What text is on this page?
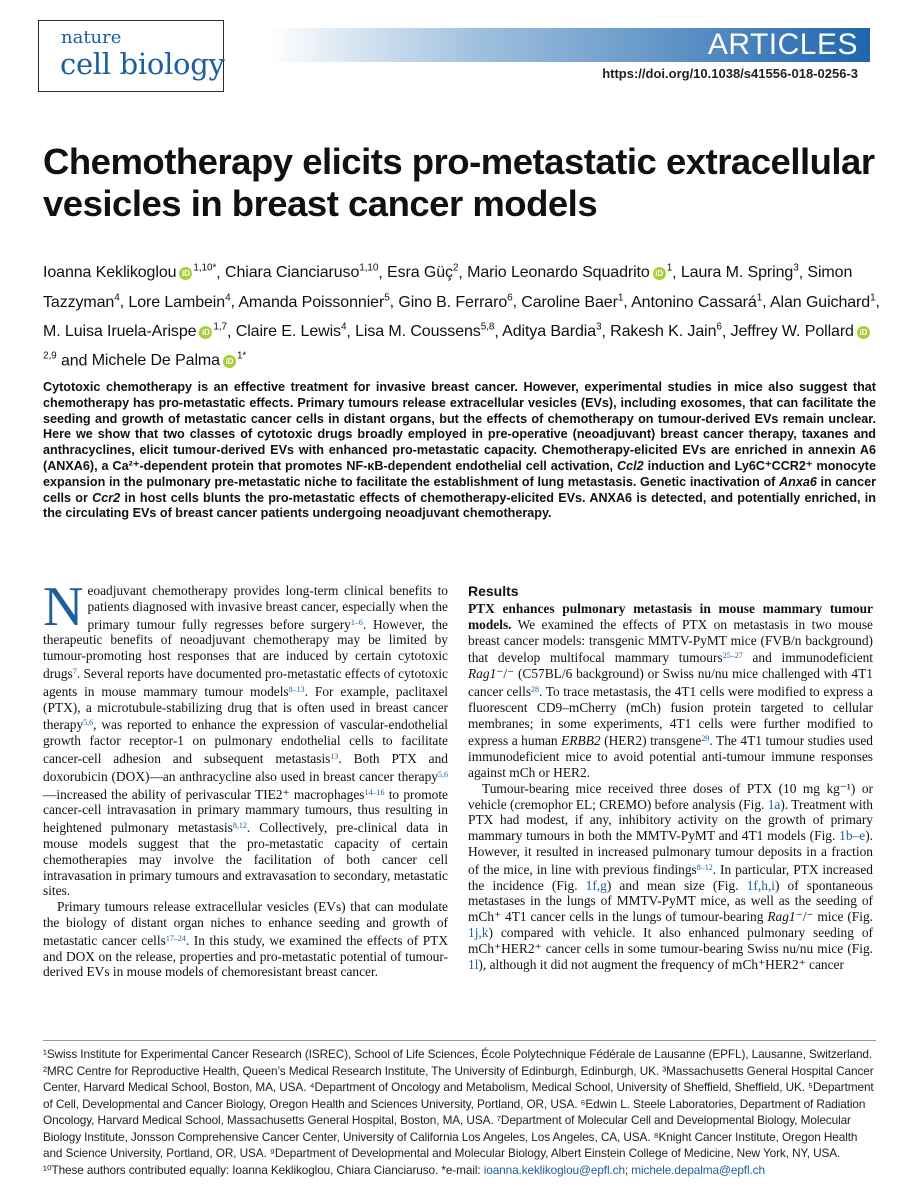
nature
cell biology
ARTICLES
https://doi.org/10.1038/s41556-018-0256-3
Chemotherapy elicits pro-metastatic extracellular vesicles in breast cancer models
Ioanna Keklikoglou iD $^{1,10*}$, Chiara Cianciaruso$^{1,10}$, Esra Güç$^2$, Mario Leonardo Squadrito iD $^1$, Laura M. Spring$^3$, Simon Tazzyman$^4$, Lore Lambein$^4$, Amanda Poissonnier$^5$, Gino B. Ferraro$^6$, Caroline Baer$^1$, Antonino Cassará$^1$, Alan Guichard$^1$, M. Luisa Iruela-Arispe iD $^{1,7}$, Claire E. Lewis$^4$, Lisa M. Coussens$^{5,8}$, Aditya Bardia$^3$, Rakesh K. Jain$^6$, Jeffrey W. Pollard iD$^{2,9}$ and Michele De Palma iD $^{1*}$
Cytotoxic chemotherapy is an effective treatment for invasive breast cancer. However, experimental studies in mice also suggest that chemotherapy has pro-metastatic effects. Primary tumours release extracellular vesicles (EVs), including exosomes, that can facilitate the seeding and growth of metastatic cancer cells in distant organs, but the effects of chemotherapy on tumour-derived EVs remain unclear. Here we show that two classes of cytotoxic drugs broadly employed in pre-operative (neoadjuvant) breast cancer therapy, taxanes and anthracyclines, elicit tumour-derived EVs with enhanced pro-metastatic capacity. Chemotherapy-elicited EVs are enriched in annexin A6 (ANXA6), a Ca²⁺-dependent protein that promotes NF-κB-dependent endothelial cell activation, Ccl2 induction and Ly6C⁺CCR2⁺ monocyte expansion in the pulmonary pre-metastatic niche to facilitate the establishment of lung metastasis. Genetic inactivation of Anxa6 in cancer cells or Ccr2 in host cells blunts the pro-metastatic effects of chemotherapy-elicited EVs. ANXA6 is detected, and potentially enriched, in the circulating EVs of breast cancer patients undergoing neoadjuvant chemotherapy.

Neoadjuvant chemotherapy provides long-term clinical benefits to patients diagnosed with invasive breast cancer, especially when the primary tumour fully regresses before surgery$^{1-6}$. However, the therapeutic benefits of neoadjuvant chemotherapy may be limited by tumour-promoting host responses that are induced by certain cytotoxic drugs$^7$. Several reports have documented pro-metastatic effects of cytotoxic agents in mouse mammary tumour models$^{8-13}$. For example, paclitaxel (PTX), a microtubule-stabilizing drug that is often used in breast cancer therapy$^{5,6}$, was reported to enhance the expression of vascular-endothelial growth factor receptor-1 on pulmonary endothelial cells to facilitate cancer-cell adhesion and subsequent metastasis$^{13}$. Both PTX and doxorubicin (DOX)—an anthracycline also used in breast cancer therapy$^{5,6}$—increased the ability of perivascular TIE2⁺ macrophages$^{14-16}$ to promote cancer-cell intravasation in primary mammary tumours, thus resulting in heightened pulmonary metastasis$^{8,12}$. Collectively, pre-clinical data in mouse models suggest that the pro-metastatic capacity of certain chemotherapies may involve the facilitation of both cancer cell intravasation in primary tumours and extravasation to secondary, metastatic sites.

Primary tumours release extracellular vesicles (EVs) that can modulate the biology of distant organ niches to enhance seeding and growth of metastatic cancer cells$^{17-24}$. In this study, we examined the effects of PTX and DOX on the release, properties and pro-metastatic potential of tumour-derived EVs in mouse models of chemoresistant breast cancer.

Results

PTX enhances pulmonary metastasis in mouse mammary tumour models. We examined the effects of PTX on metastasis in two mouse breast cancer models: transgenic MMTV-PyMT mice (FVB/n background) that develop multifocal mammary tumours$^{25-27}$ and immunodeficient Rag1⁻/⁻ (C57BL/6 background) or Swiss nu/nu mice challenged with 4T1 cancer cells$^{28}$. To trace metastasis, the 4T1 cells were modified to express a fluorescent CD9–mCherry (mCh) fusion protein targeted to cellular membranes; in some experiments, 4T1 cells were further modified to express a human ERBB2 (HER2) transgene$^{29}$. The 4T1 tumour studies used immunodeficient mice to avoid potential anti-tumour immune responses against mCh or HER2.

Tumour-bearing mice received three doses of PTX (10 mg kg⁻¹) or vehicle (cremophor EL; CREMO) before analysis (Fig. 1a). Treatment with PTX had modest, if any, inhibitory activity on the growth of primary mammary tumours in both the MMTV-PyMT and 4T1 models (Fig. 1b–e). However, it resulted in increased pulmonary tumour deposits in a fraction of the mice, in line with previous findings$^{8-12}$. In particular, PTX increased the incidence (Fig. 1f,g) and mean size (Fig. 1f,h,i) of spontaneous metastases in the lungs of MMTV-PyMT mice, as well as the seeding of mCh⁺ 4T1 cancer cells in the lungs of tumour-bearing Rag1⁻/⁻ mice (Fig. 1j,k) compared with vehicle. It also enhanced pulmonary seeding of mCh⁺HER2⁺ cancer cells in some tumour-bearing Swiss nu/nu mice (Fig. 1l), although it did not augment the frequency of mCh⁺HER2⁺ cancer

¹Swiss Institute for Experimental Cancer Research (ISREC), School of Life Sciences, École Polytechnique Fédérale de Lausanne (EPFL), Lausanne, Switzerland. ²MRC Centre for Reproductive Health, Queen’s Medical Research Institute, The University of Edinburgh, Edinburgh, UK. ³Massachusetts General Hospital Cancer Center, Harvard Medical School, Boston, MA, USA. ⁴Department of Oncology and Metabolism, Medical School, University of Sheffield, Sheffield, UK. ⁵Department of Cell, Developmental and Cancer Biology, Oregon Health and Sciences University, Portland, OR, USA. ⁶Edwin L. Steele Laboratories, Department of Radiation Oncology, Harvard Medical School, Massachusetts General Hospital, Boston, MA, USA. ⁷Department of Molecular Cell and Developmental Biology, Molecular Biology Institute, Jonsson Comprehensive Cancer Center, University of California Los Angeles, Los Angeles, CA, USA. ⁸Knight Cancer Institute, Oregon Health and Science University, Portland, OR, USA. ⁹Department of Developmental and Molecular Biology, Albert Einstein College of Medicine, New York, NY, USA. ¹⁰These authors contributed equally: Ioanna Keklikoglou, Chiara Cianciaruso. *e-mail: ioanna.keklikoglou@epfl.ch; michele.depalma@epfl.ch
